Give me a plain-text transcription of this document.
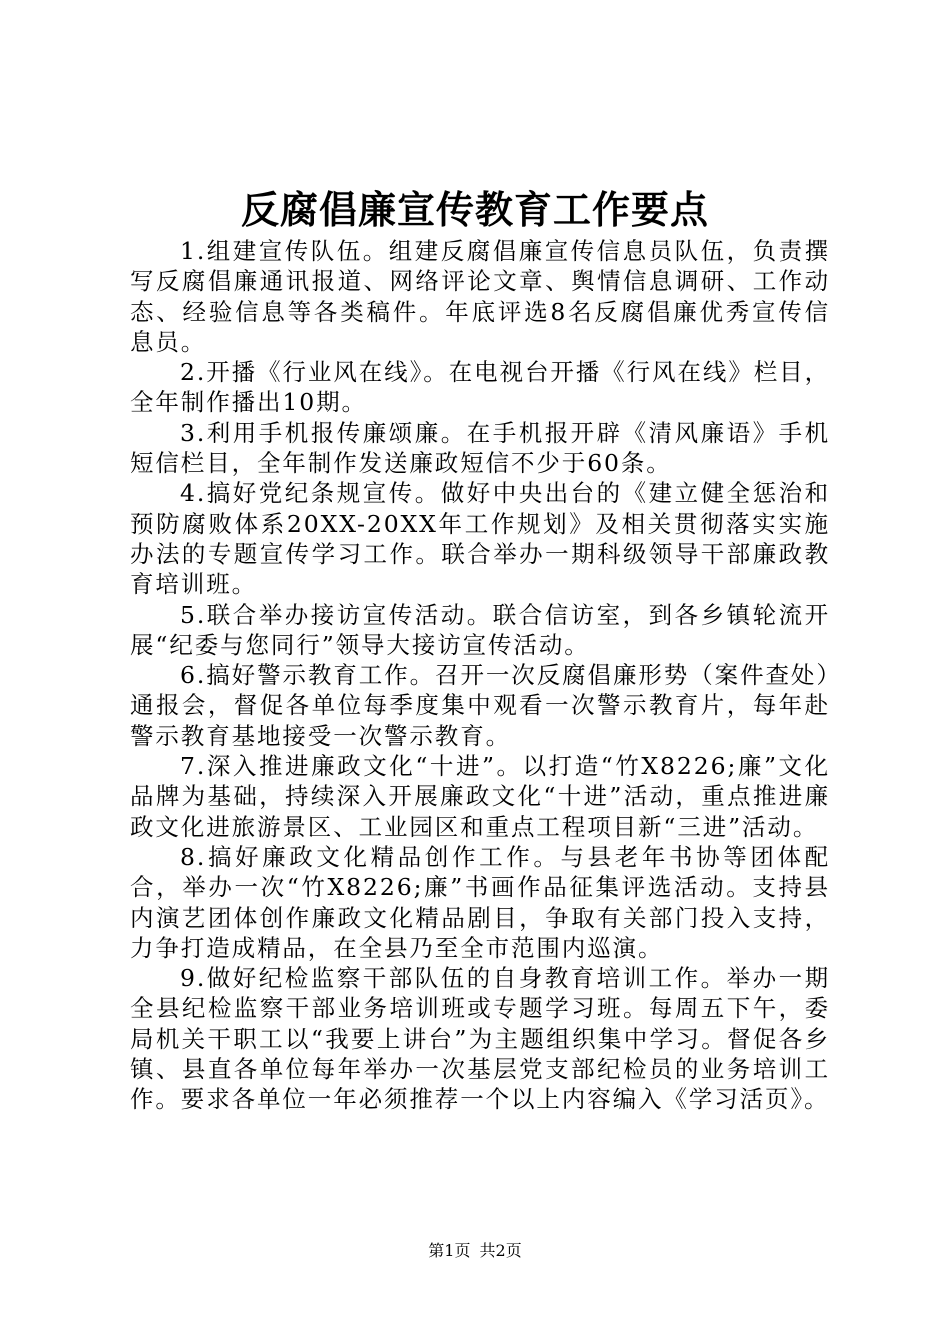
反腐倡廉宣传教育工作要点

1.组建宣传队伍。组建反腐倡廉宣传信息员队伍，负责撰写反腐倡廉通讯报道、网络评论文章、舆情信息调研、工作动态、经验信息等各类稿件。年底评选8名反腐倡廉优秀宣传信息员。

2.开播《行业风在线》。在电视台开播《行风在线》栏目，全年制作播出10期。

3.利用手机报传廉颂廉。在手机报开辟《清风廉语》手机短信栏目，全年制作发送廉政短信不少于60条。

4.搞好党纪条规宣传。做好中央出台的《建立健全惩治和预防腐败体系20XX-20XX年工作规划》及相关贯彻落实实施办法的专题宣传学习工作。联合举办一期科级领导干部廉政教育培训班。

5.联合举办接访宣传活动。联合信访室，到各乡镇轮流开展“纪委与您同行”领导大接访宣传活动。

6.搞好警示教育工作。召开一次反腐倡廉形势（案件查处）通报会，督促各单位每季度集中观看一次警示教育片，每年赴警示教育基地接受一次警示教育。

7.深入推进廉政文化“十进”。以打造“竹X8226;廉”文化品牌为基础，持续深入开展廉政文化“十进”活动，重点推进廉政文化进旅游景区、工业园区和重点工程项目新“三进”活动。

8.搞好廉政文化精品创作工作。与县老年书协等团体配合，举办一次“竹X8226;廉”书画作品征集评选活动。支持县内演艺团体创作廉政文化精品剧目，争取有关部门投入支持，力争打造成精品，在全县乃至全市范围内巡演。

9.做好纪检监察干部队伍的自身教育培训工作。举办一期全县纪检监察干部业务培训班或专题学习班。每周五下午，委局机关干职工以“我要上讲台”为主题组织集中学习。督促各乡镇、县直各单位每年举办一次基层党支部纪检员的业务培训工作。要求各单位一年必须推荐一个以上内容编入《学习活页》。

第1页 共2页
